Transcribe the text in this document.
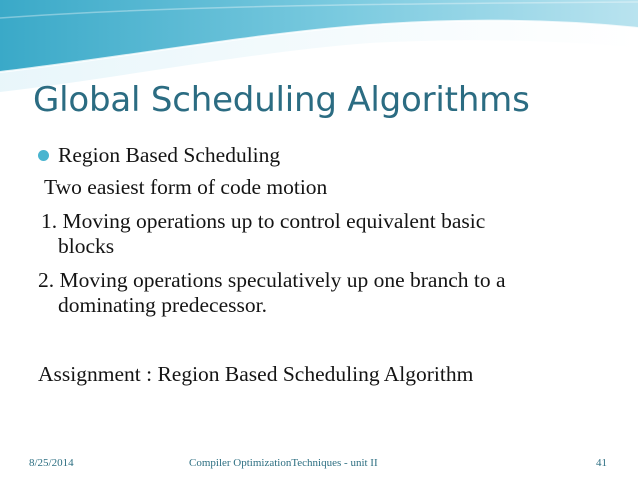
Global Scheduling Algorithms
Region Based Scheduling
Two easiest form of code motion
1. Moving operations up to control equivalent basic
blocks
2. Moving operations speculatively up one branch to a
dominating predecessor.
Assignment : Region Based Scheduling Algorithm
8/25/2014	Compiler OptimizationTechniques - unit II	41
